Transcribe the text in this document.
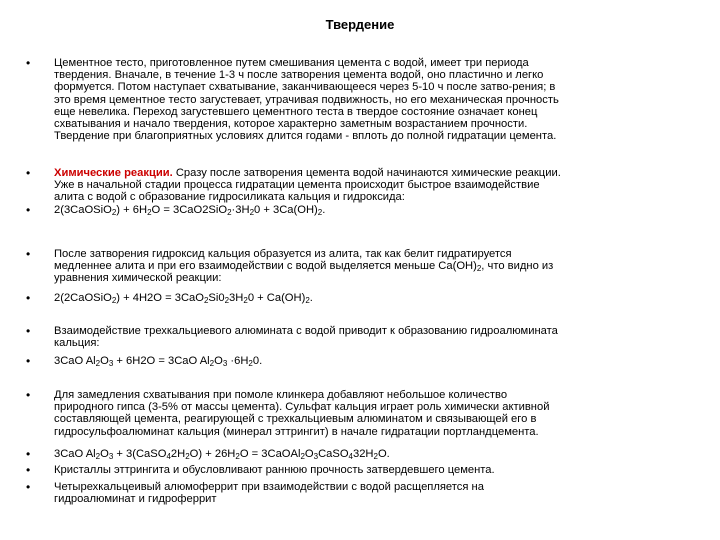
Твердение
• Цементное тесто, приготовленное путем смешивания цемента с водой, имеет три периода
твердения. Вначале, в течение 1-3 ч после затворения цемента водой, оно пластично и легко
формуется. Потом наступает схватывание, заканчивающееся через 5-10 ч после затво-рения; в
это время цементное тесто загустевает, утрачивая подвижность, но его механическая прочность
еще невелика. Переход загустевшего цементного теста в твердое состояние означает конец
схватывания и начало твердения, которое характерно заметным возрастанием прочности.
Твердение при благоприятных условиях длится годами - вплоть до полной гидратации цемента.
• Химические реакции. Сразу после затворения цемента водой начинаются химические реакции.
Уже в начальной стадии процесса гидратации цемента происходит быстрое взаимодействие
алита с водой с образование гидросиликата кальция и гидроксида:
• 2(3CaOSiO$_2$) + $6H_2O = 3CaO2SiO_2\cdot 3H_20 + 3Ca(OH)_2$.
• После затворения гидроксид кальция образуется из алита, так как белит гидратируется
медленнее алита и при его взаимодействии с водой выделяется меньше $Ca(OH)_2$, что видно из
уравнения химической реакции:
• 2(2CaOSiO$_2$) + $4H2O = 3CaO_2Si0_23H_20 + Ca(OH)_2$.
• Взаимодействие трехкальциевого алюмината с водой приводит к образованию гидроалюмината
кальция:
• 3CaO $Al_2O_3 + 6H2O = 3CaO$ $Al_2O_3 \cdot 6H_20$.
• Для замедления схватывания при помоле клинкера добавляют небольшое количество
природного гипса (3-5% от массы цемента). Сульфат кальция играет роль химически активной
составляющей цемента, реагирующей с трехкальциевым алюминатом и связывающей его в
гидросульфоалюминат кальция (минерал эттрингит) в начале гидратации портландцемента.
• 3CaO $Al_2O_3$ + $3(CaSO_42H_2O) + 26H_2O$ = $3CaOAl_2O_3CaSO_432H_2O$.
• Кристаллы эттрингита и обусловливают раннюю прочность затвердевшего цемента.
• Четырехкальцеивый алюмоферрит при взаимодействии с водой расщепляется на
гидроалюминат и гидроферрит
